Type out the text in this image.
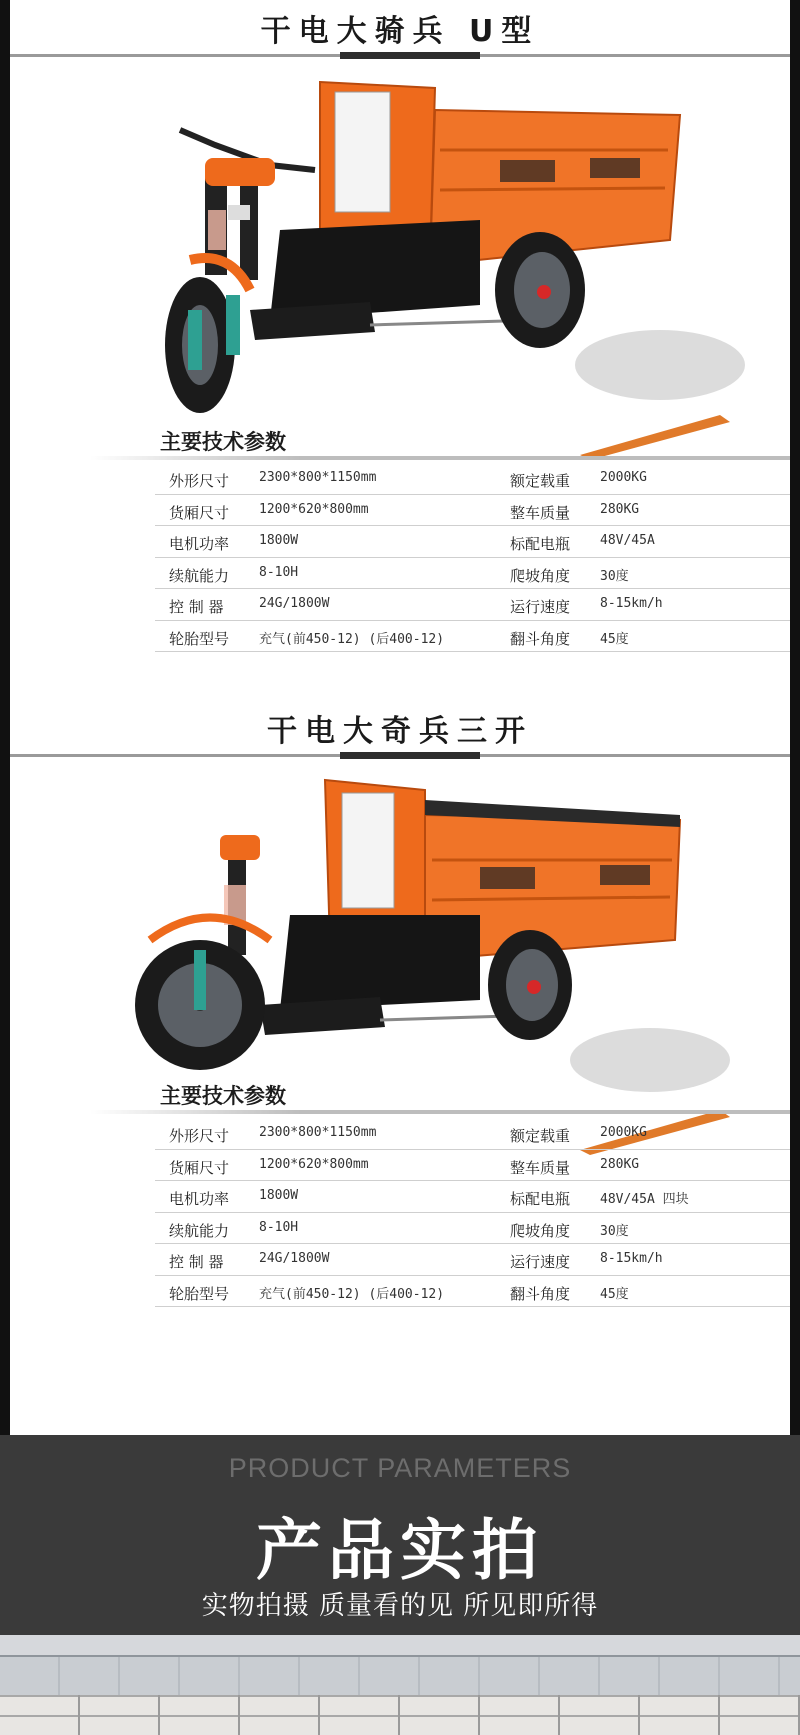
干电大骑兵 U型
主要技术参数
外形尺寸 2300*800*1150mm	额定载重 2000KG
货厢尺寸 1200*620*800mm	整车质量 280KG
电机功率 1800W	标配电瓶 48V/45A
续航能力 8-10H	爬坡角度 30度
控 制 器	24G/1800W	运行速度 8-15km/h
轮胎型号 充气(前450-12) (后400-12)	翻斗角度 45度
干电大奇兵三开
主要技术参数
外形尺寸 2300*800*1150mm	额定载重 2000KG
货厢尺寸 1200*620*800mm	整车质量 280KG
电机功率 1800W	标配电瓶 48V/45A 四块
续航能力 8-10H	爬坡角度 30度
控 制 器	24G/1800W	运行速度 8-15km/h
轮胎型号 充气(前450-12) (后400-12)	翻斗角度 45度
PRODUCT PARAMETERS
产品实拍
实物拍摄 质量看的见 所见即所得
